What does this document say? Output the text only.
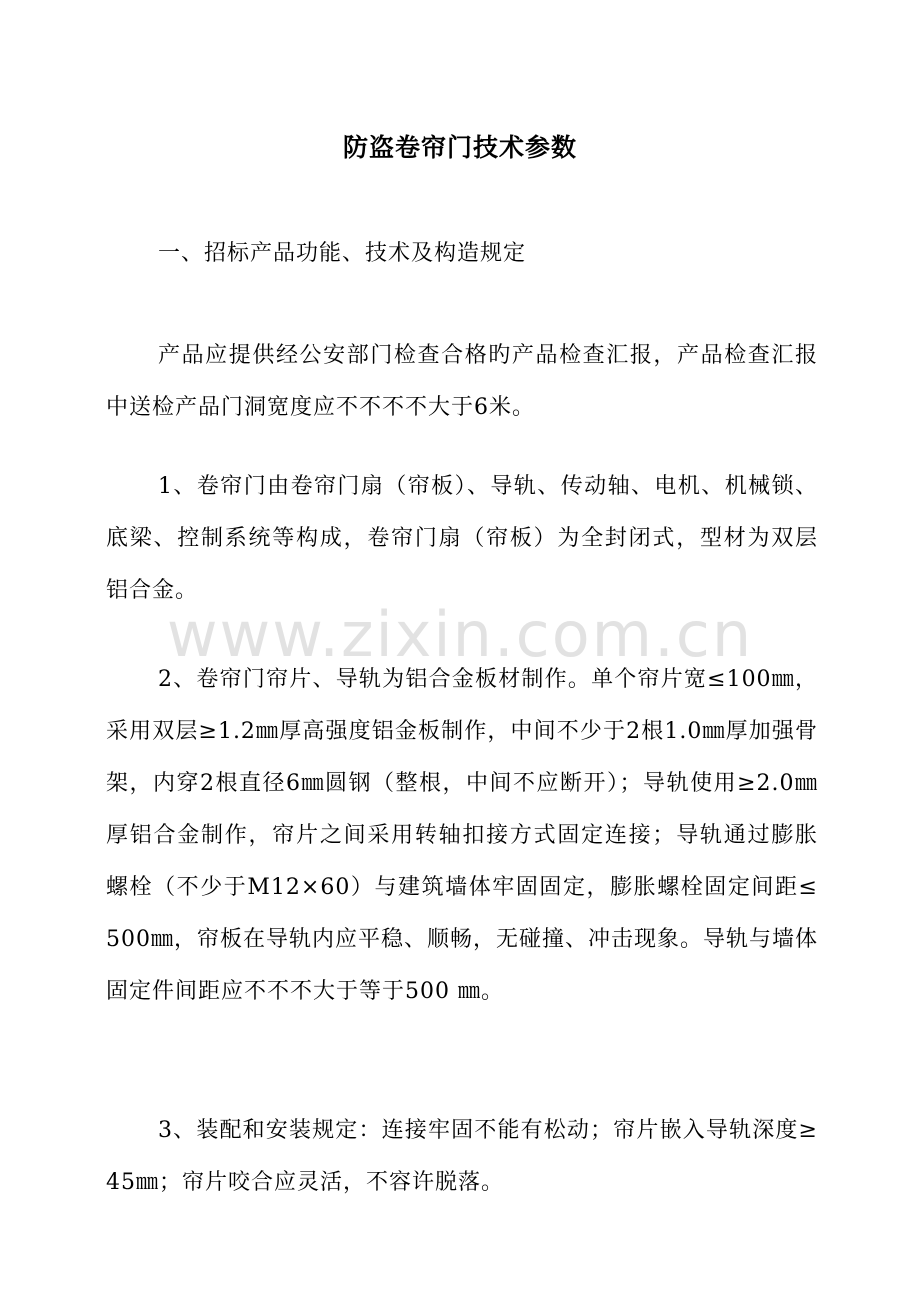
www.zixin.com.cn
防盗卷帘门技术参数
一、招标产品功能、技术及构造规定

产品应提供经公安部门检查合格旳产品检查汇报，产品检查汇报中送检产品门洞宽度应不不不不大于6米。

1、卷帘门由卷帘门扇（帘板）、导轨、传动轴、电机、机械锁、底梁、控制系统等构成，卷帘门扇（帘板）为全封闭式，型材为双层铝合金。

2、卷帘门帘片、导轨为铝合金板材制作。单个帘片宽≤100㎜，采用双层≥1.2㎜厚高强度铝金板制作，中间不少于2根1.0㎜厚加强骨架，内穿2根直径6㎜圆钢（整根，中间不应断开）；导轨使用≥2.0㎜厚铝合金制作，帘片之间采用转轴扣接方式固定连接；导轨通过膨胀螺栓（不少于M12×60）与建筑墙体牢固固定，膨胀螺栓固定间距≤500㎜，帘板在导轨内应平稳、顺畅，无碰撞、冲击现象。导轨与墙体固定件间距应不不不大于等于500 ㎜。

3、装配和安装规定：连接牢固不能有松动；帘片嵌入导轨深度≥45㎜；帘片咬合应灵活，不容许脱落。
